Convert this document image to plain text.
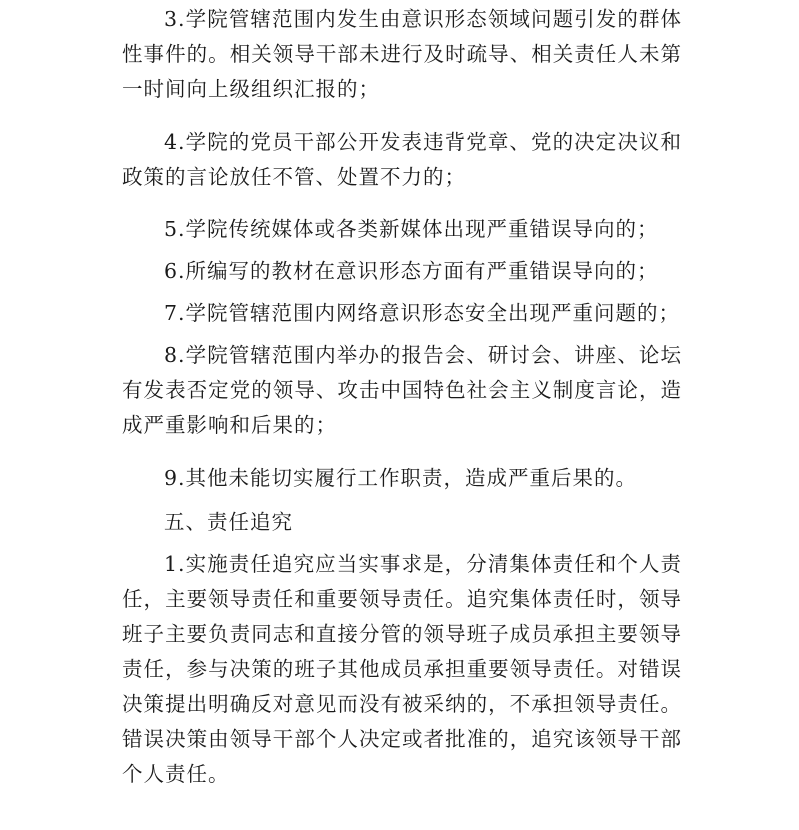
3.学院管辖范围内发生由意识形态领域问题引发的群体性事件的。相关领导干部未进行及时疏导、相关责任人未第一时间向上级组织汇报的；

4.学院的党员干部公开发表违背党章、党的决定决议和政策的言论放任不管、处置不力的；

5.学院传统媒体或各类新媒体出现严重错误导向的；

6.所编写的教材在意识形态方面有严重错误导向的；

7.学院管辖范围内网络意识形态安全出现严重问题的；

8.学院管辖范围内举办的报告会、研讨会、讲座、论坛有发表否定党的领导、攻击中国特色社会主义制度言论，造成严重影响和后果的；

9.其他未能切实履行工作职责，造成严重后果的。

五、责任追究

1.实施责任追究应当实事求是，分清集体责任和个人责任，主要领导责任和重要领导责任。追究集体责任时，领导班子主要负责同志和直接分管的领导班子成员承担主要领导责任，参与决策的班子其他成员承担重要领导责任。对错误决策提出明确反对意见而没有被采纳的，不承担领导责任。错误决策由领导干部个人决定或者批准的，追究该领导干部个人责任。
